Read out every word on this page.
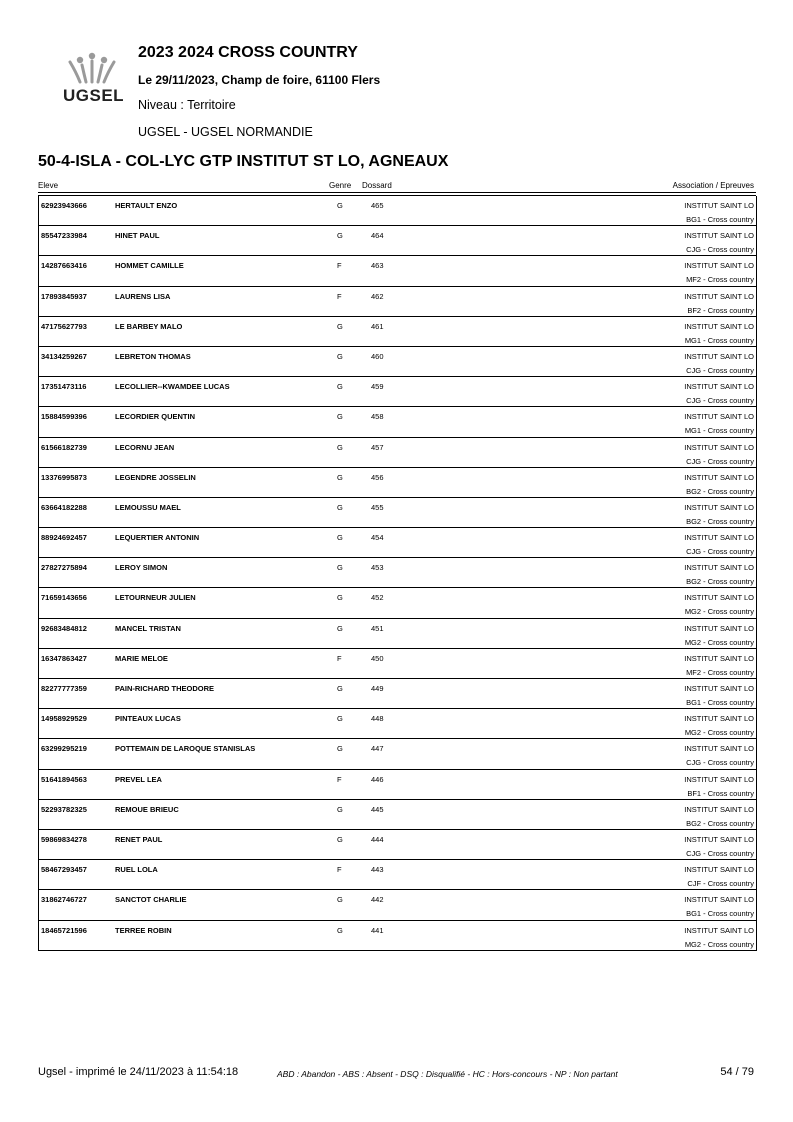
UGSEL
2023 2024 CROSS COUNTRY
Le 29/11/2023, Champ de foire, 61100 Flers
Niveau : Territoire
UGSEL - UGSEL NORMANDIE
50-4-ISLA - COL-LYC GTP INSTITUT ST LO, AGNEAUX
Eleve	Genre Dossard	Association / Epreuves
62923943666	HERTAULT ENZO	G	465	INSTITUT SAINT LO
BG1 - Cross country
85547233984	HINET PAUL	G	464	INSTITUT SAINT LO
CJG - Cross country
14287663416	HOMMET CAMILLE	F	463	INSTITUT SAINT LO
MF2 - Cross country
17893845937	LAURENS LISA	F	462	INSTITUT SAINT LO
BF2 - Cross country
47175627793	LE BARBEY MALO	G	461	INSTITUT SAINT LO
MG1 - Cross country
34134259267	LEBRETON THOMAS	G	460	INSTITUT SAINT LO
CJG - Cross country
17351473116	LECOLLIER--KWAMDEE LUCAS	G	459	INSTITUT SAINT LO
CJG - Cross country
15884599396	LECORDIER QUENTIN	G	458	INSTITUT SAINT LO
MG1 - Cross country
61566182739	LECORNU JEAN	G	457	INSTITUT SAINT LO
CJG - Cross country
13376995873	LEGENDRE JOSSELIN	G	456	INSTITUT SAINT LO
BG2 - Cross country
63664182288	LEMOUSSU MAEL	G	455	INSTITUT SAINT LO
BG2 - Cross country
88924692457	LEQUERTIER ANTONIN	G	454	INSTITUT SAINT LO
CJG - Cross country
27827275894	LEROY SIMON	G	453	INSTITUT SAINT LO
BG2 - Cross country
71659143656	LETOURNEUR JULIEN	G	452	INSTITUT SAINT LO
MG2 - Cross country
92683484812	MANCEL TRISTAN	G	451	INSTITUT SAINT LO
MG2 - Cross country
16347863427	MARIE MELOE	F	450	INSTITUT SAINT LO
MF2 - Cross country
82277777359	PAIN-RICHARD THEODORE	G	449	INSTITUT SAINT LO
BG1 - Cross country
14958929529	PINTEAUX LUCAS	G	448	INSTITUT SAINT LO
MG2 - Cross country
63299295219	POTTEMAIN DE LAROQUE STANISLAS	G	447	INSTITUT SAINT LO
CJG - Cross country
51641894563	PREVEL LEA	F	446	INSTITUT SAINT LO
BF1 - Cross country
52293782325	REMOUE BRIEUC	G	445	INSTITUT SAINT LO
BG2 - Cross country
59869834278	RENET PAUL	G	444	INSTITUT SAINT LO
CJG - Cross country
58467293457	RUEL LOLA	F	443	INSTITUT SAINT LO
CJF - Cross country
31862746727	SANCTOT CHARLIE	G	442	INSTITUT SAINT LO
BG1 - Cross country
18465721596	TERREE ROBIN	G	441	INSTITUT SAINT LO
MG2 - Cross country
Ugsel - imprimé le 24/11/2023 à 11:54:18	ABD : Abandon - ABS : Absent - DSQ : Disqualifié - HC : Hors-concours - NP : Non partant	54 / 79
